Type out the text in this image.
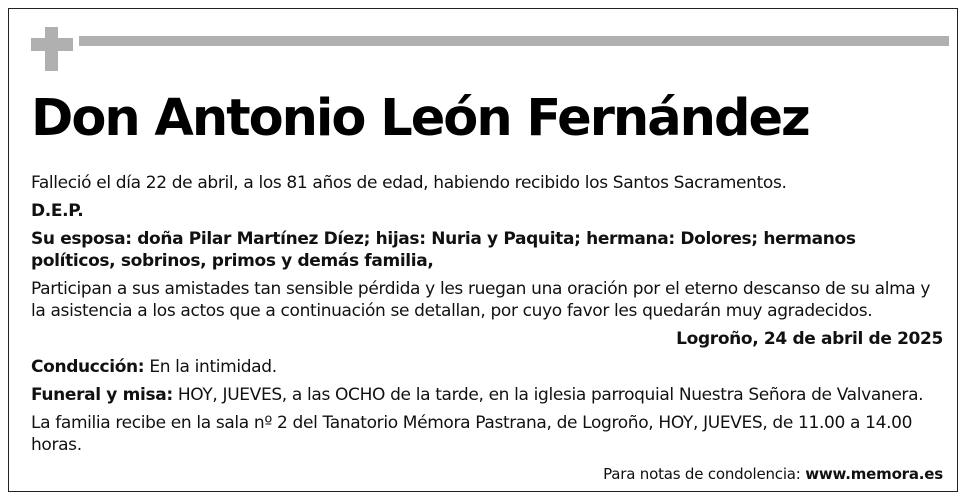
Don Antonio León Fernández

Falleció el día 22 de abril, a los 81 años de edad, habiendo recibido los Santos Sacramentos.

D.E.P.

Su esposa: doña Pilar Martínez Díez; hijas: Nuria y Paquita; hermana: Dolores; hermanos políticos, sobrinos, primos y demás familia,

Participan a sus amistades tan sensible pérdida y les ruegan una oración por el eterno descanso de su alma y la asistencia a los actos que a continuación se detallan, por cuyo favor les quedarán muy agradecidos.

Logroño, 24 de abril de 2025

Conducción: En la intimidad.

Funeral y misa: HOY, JUEVES, a las OCHO de la tarde, en la iglesia parroquial Nuestra Señora de Valvanera.

La familia recibe en la sala nº 2 del Tanatorio Mémora Pastrana, de Logroño, HOY, JUEVES, de 11.00 a 14.00 horas.

Para notas de condolencia: www.memora.es
